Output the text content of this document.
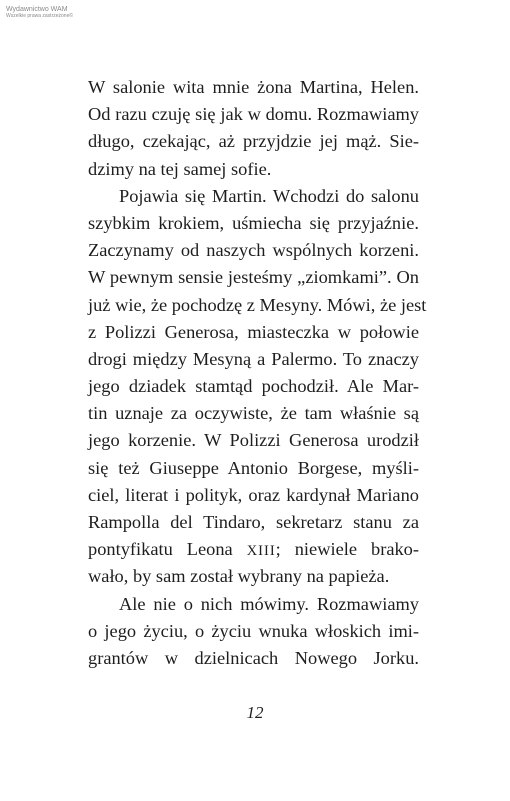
Wydawnictwo WAM
Wszelkie prawa zastrzeżone©
W salonie wita mnie żona Martina, Helen.
Od razu czuję się jak w domu. Rozmawiamy
długo, czekając, aż przyjdzie jej mąż. Sie-
dzimy na tej samej sofie.
Pojawia się Martin. Wchodzi do salonu
szybkim krokiem, uśmiecha się przyjaźnie.
Zaczynamy od naszych wspólnych korzeni.
W pewnym sensie jesteśmy „ziomkami”. On
już wie, że pochodzę z Mesyny. Mówi, że jest
z Polizzi Generosa, miasteczka w połowie
drogi między Mesyną a Palermo. To znaczy
jego dziadek stamtąd pochodził. Ale Mar-
tin uznaje za oczywiste, że tam właśnie są
jego korzenie. W Polizzi Generosa urodził
się też Giuseppe Antonio Borgese, myśli-
ciel, literat i polityk, oraz kardynał Mariano
Rampolla del Tindaro, sekretarz stanu za
pontyfikatu Leona XIII; niewiele brako-
wało, by sam został wybrany na papieża.
Ale nie o nich mówimy. Rozmawiamy
o jego życiu, o życiu wnuka włoskich imi-
grantów w dzielnicach Nowego Jorku.
12
